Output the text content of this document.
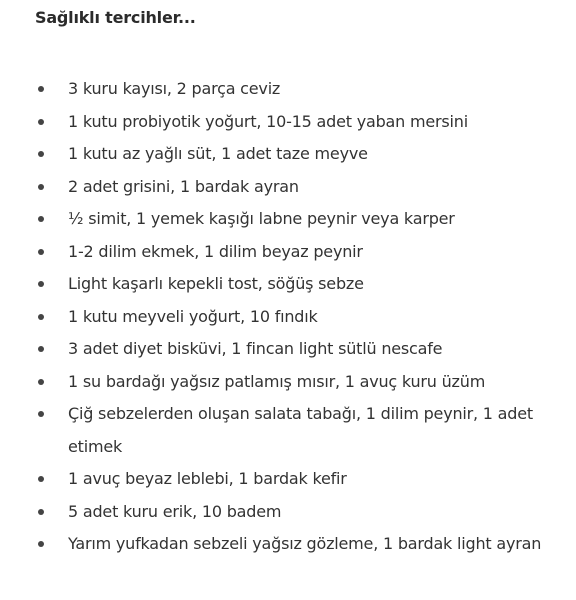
Sağlıklı tercihler...
3 kuru kayısı, 2 parça ceviz
1 kutu probiyotik yoğurt, 10-15 adet yaban mersini
1 kutu az yağlı süt, 1 adet taze meyve
2 adet grisini, 1 bardak ayran
½ simit, 1 yemek kaşığı labne peynir veya karper
1-2 dilim ekmek, 1 dilim beyaz peynir
Light kaşarlı kepekli tost, söğüş sebze
1 kutu meyveli yoğurt, 10 fındık
3 adet diyet bisküvi, 1 fincan light sütlü nescafe
1 su bardağı yağsız patlamış mısır, 1 avuç kuru üzüm
Çiğ sebzelerden oluşan salata tabağı, 1 dilim peynir, 1 adet etimek
1 avuç beyaz leblebi, 1 bardak kefir
5 adet kuru erik, 10 badem
Yarım yufkadan sebzeli yağsız gözleme, 1 bardak light ayran
